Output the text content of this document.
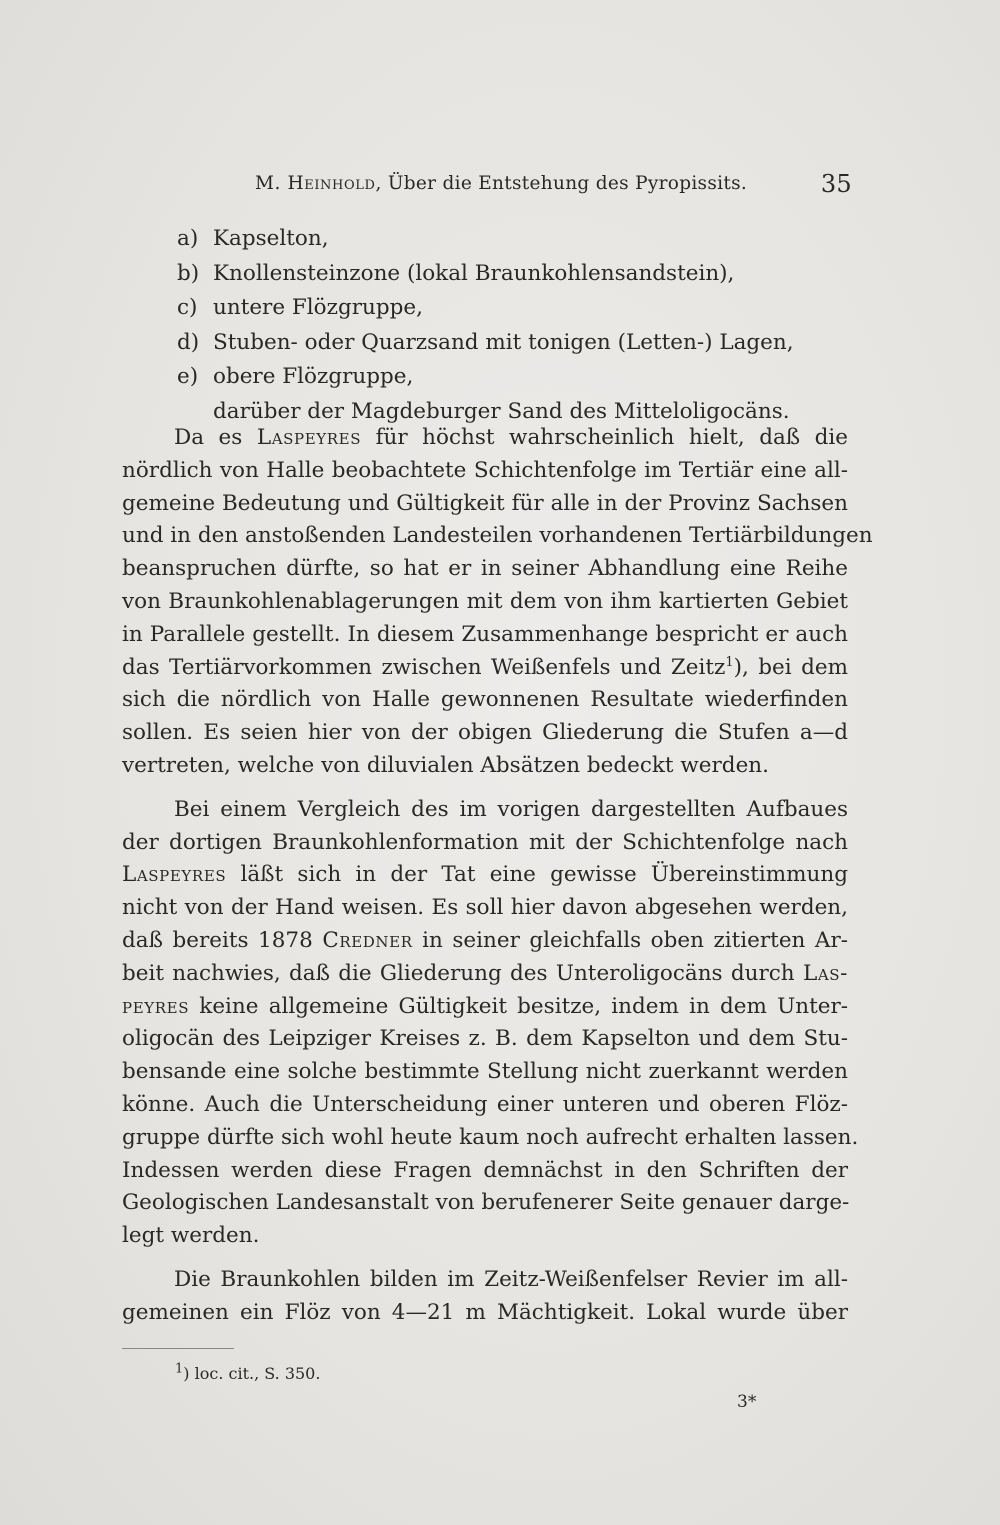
M. Heinhold, Über die Entstehung des Pyropissits.	35
a) Kapselton,
b) Knollensteinzone (lokal Braunkohlensandstein),
c) untere Flözgruppe,
d) Stuben- oder Quarzsand mit tonigen (Letten-) Lagen,
e) obere Flözgruppe,
darüber der Magdeburger Sand des Mitteloligocäns.
Da es Laspeyres für höchst wahrscheinlich hielt, daß die
nördlich von Halle beobachtete Schichtenfolge im Tertiär eine all-
gemeine Bedeutung und Gültigkeit für alle in der Provinz Sachsen
und in den anstoßenden Landesteilen vorhandenen Tertiärbildungen
beanspruchen dürfte, so hat er in seiner Abhandlung eine Reihe
von Braunkohlenablagerungen mit dem von ihm kartierten Gebiet
in Parallele gestellt. In diesem Zusammenhange bespricht er auch
das Tertiärvorkommen zwischen Weißenfels und Zeitz$^1$), bei dem
sich die nördlich von Halle gewonnenen Resultate wiederfinden
sollen. Es seien hier von der obigen Gliederung die Stufen a—d
vertreten, welche von diluvialen Absätzen bedeckt werden.
Bei einem Vergleich des im vorigen dargestellten Aufbaues
der dortigen Braunkohlenformation mit der Schichtenfolge nach
Laspeyres läßt sich in der Tat eine gewisse Übereinstimmung
nicht von der Hand weisen. Es soll hier davon abgesehen werden,
daß bereits 1878 Credner in seiner gleichfalls oben zitierten Ar-
beit nachwies, daß die Gliederung des Unteroligocäns durch Las-
peyres keine allgemeine Gültigkeit besitze, indem in dem Unter-
oligocän des Leipziger Kreises z. B. dem Kapselton und dem Stu-
bensande eine solche bestimmte Stellung nicht zuerkannt werden
könne. Auch die Unterscheidung einer unteren und oberen Flöz-
gruppe dürfte sich wohl heute kaum noch aufrecht erhalten lassen.
Indessen werden diese Fragen demnächst in den Schriften der
Geologischen Landesanstalt von berufenerer Seite genauer darge-
legt werden.
Die Braunkohlen bilden im Zeitz-Weißenfelser Revier im all-
gemeinen ein Flöz von 4—21 m Mächtigkeit. Lokal wurde über
$^1$) loc. cit., S. 350.
3*
